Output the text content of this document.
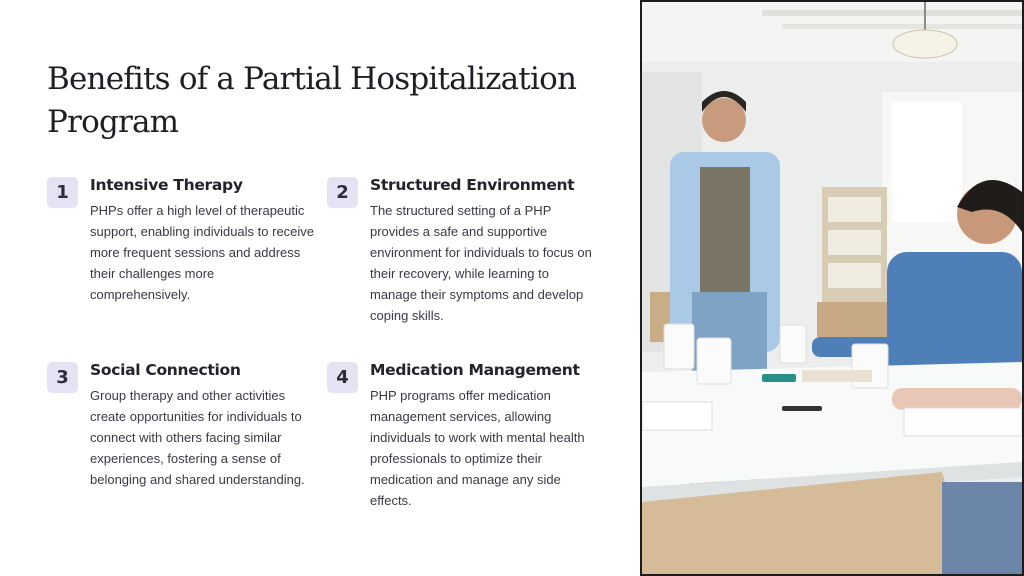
Benefits of a Partial Hospitalization Program
1	Intensive Therapy

PHPs offer a high level of therapeutic support, enabling individuals to receive more frequent sessions and address their challenges more comprehensively.

2	Structured Environment

The structured setting of a PHP provides a safe and supportive environment for individuals to focus on their recovery, while learning to manage their symptoms and develop coping skills.

3	Social Connection

Group therapy and other activities create opportunities for individuals to connect with others facing similar experiences, fostering a sense of belonging and shared understanding.

4	Medication Management

PHP programs offer medication management services, allowing individuals to work with mental health professionals to optimize their medication and manage any side effects.
